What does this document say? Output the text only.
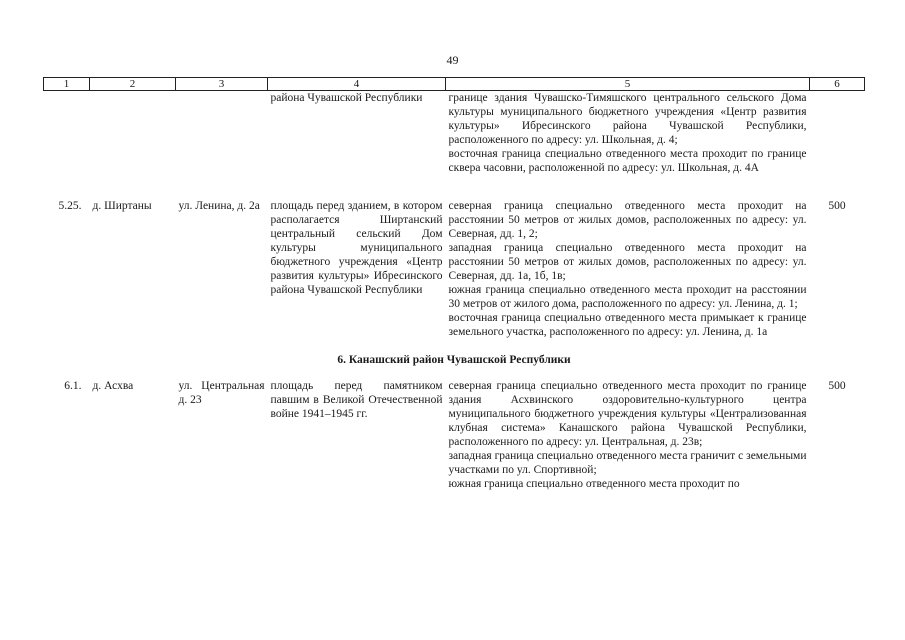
49
1	2	3	4	5	6

			района Чувашской Республики	границе здания Чувашско-Тимяшского центрального сельского Дома культуры муниципального бюджетного учреждения «Центр развития культуры» Ибресинского района Чувашской Республики, расположенного по адресу: ул. Школьная, д. 4;

восточная граница специально отведенного места проходит по границе сквера часовни, расположенной по адресу: ул. Школьная, д. 4А	

5.25.	д. Ширтаны	ул. Ленина, д. 2а	площадь перед зданием, в котором располагается Ширтанский центральный сельский Дом культуры муниципального бюджетного учреждения «Центр развития культуры» Ибресинского района Чувашской Республики	северная граница специально отведенного места проходит на расстоянии 50 метров от жилых домов, расположенных по адресу: ул. Северная, дд. 1, 2;

западная граница специально отведенного места проходит на расстоянии 50 метров от жилых домов, расположенных по адресу: ул. Северная, дд. 1а, 1б, 1в;

южная граница специально отведенного места проходит на расстоянии 30 метров от жилого дома, расположенного по адресу: ул. Ленина, д. 1;

восточная граница специально отведенного места примыкает к границе земельного участка, расположенного по адресу: ул. Ленина, д. 1а	500
6. Канашский район Чувашской Республики					
6.1.	д. Асхва	ул. Центральная д. 23	площадь перед памятником павшим в Великой Отечественной войне 1941–1945 гг.	северная граница специально отведенного места проходит по границе здания Асхвинского оздоровительно-культурного центра муниципального бюджетного учреждения культуры «Централизованная клубная система» Канашского района Чувашской Республики, расположенного по адресу: ул. Центральная, д. 23в;

западная граница специально отведенного места граничит с земельными участками по ул. Спортивной;

южная граница специально отведенного места проходит по	500
